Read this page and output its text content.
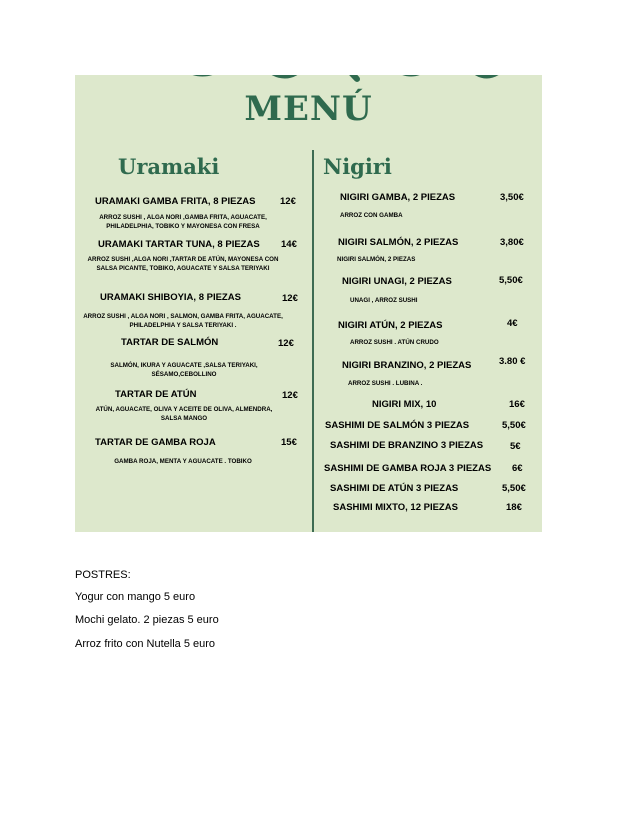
MENÚ
Uramaki	Nigiri
URAMAKI GAMBA FRITA, 8 PIEZAS	12€
ARROZ SUSHI , ALGA NORI ,GAMBA FRITA, AGUACATE, PHILADELPHIA, TOBIKO Y MAYONESA CON FRESA
URAMAKI TARTAR TUNA, 8 PIEZAS 14€
ARROZ SUSHI ,ALGA NORI ,TARTAR DE ATÚN, MAYONESA CON SALSA PICANTE, TOBIKO, AGUACATE Y SALSA TERIYAKI
URAMAKI SHIBOYIA, 8 PIEZAS	12€
ARROZ SUSHI , ALGA NORI , SALMON, GAMBA FRITA, AGUACATE, PHILADELPHIA Y SALSA TERIYAKI .
TARTAR DE SALMÓN	12€
SALMÓN, IKURA Y AGUACATE ,SALSA TERIYAKI, SÉSAMO,CEBOLLINO
TARTAR DE ATÚN	12€
ATÚN, AGUACATE, OLIVA Y ACEITE DE OLIVA, ALMENDRA, SALSA MANGO
TARTAR DE GAMBA ROJA	15€
GAMBA ROJA, MENTA Y AGUACATE . TOBIKO
NIGIRI GAMBA, 2 PIEZAS	3,50€
ARROZ CON GAMBA
NIGIRI SALMÓN, 2 PIEZAS	3,80€
NIGIRI SALMÓN, 2 PIEZAS
NIGIRI UNAGI, 2 PIEZAS	5,50€
UNAGI , ARROZ SUSHI
NIGIRI ATÚN, 2 PIEZAS	4€
ARROZ SUSHI . ATÚN CRUDO
NIGIRI BRANZINO, 2 PIEZAS	3.80 €
ARROZ SUSHI . LUBINA .
NIGIRI MIX, 10	16€
SASHIMI DE SALMÓN 3 PIEZAS	5,50€
SASHIMI DE BRANZINO 3 PIEZAS	5€
SASHIMI DE GAMBA ROJA 3 PIEZAS 6€
SASHIMI DE ATÚN 3 PIEZAS	5,50€
SASHIMI MIXTO, 12 PIEZAS	18€
POSTRES:
Yogur con mango 5 euro
Mochi gelato. 2 piezas 5 euro
Arroz frito con Nutella 5 euro
